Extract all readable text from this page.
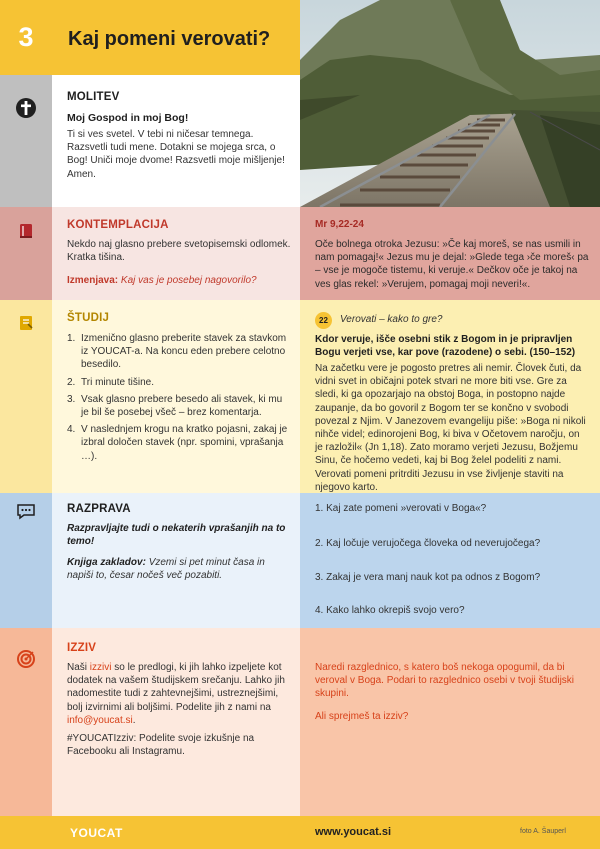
3	Kaj pomeni verovati?
MOLITEV
Moj Gospod in moj Bog!
Ti si ves svetel. V tebi ni ničesar temnega. Razsvetli tudi mene. Dotakni se mojega srca, o Bog! Uniči moje dvome! Razsvetli moje mišljenje! Amen.
KONTEMPLACIJA
Nekdo naj glasno prebere svetopisemski odlomek. Kratka tišina.
Izmenjava: Kaj vas je posebej nagovorilo?
Mr 9,22-24
Oče bolnega otroka Jezusu: »Če kaj moreš, se nas usmili in nam pomagaj!« Jezus mu je dejal: »Glede tega ›če moreš‹ pa – vse je mogoče tistemu, ki veruje.« Dečkov oče je takoj na ves glas rekel: »Verujem, pomagaj moji neveri!«.
ŠTUDIJ
1. Izmenično glasno preberite stavek za stavkom iz YOUCAT-a. Na koncu eden prebere celotno besedilo.
2. Tri minute tišine.
3. Vsak glasno prebere besedo ali stavek, ki mu je bil še posebej všeč – brez komentarja.
4. V naslednjem krogu na kratko pojasni, zakaj je izbral določen stavek (npr. spomini, vprašanja …).
22	Verovati – kako to gre?
Kdor veruje, išče osebni stik z Bogom in je pripravljen Bogu verjeti vse, kar pove (razodene) o sebi. (150–152)
Na začetku vere je pogosto pretres ali nemir. Človek čuti, da vidni svet in običajni potek stvari ne more biti vse. Gre za sledi, ki ga opozarjajo na obstoj Boga, in postopno najde zaupanje, da bo govoril z Bogom ter se končno v svobodi povezal z Njim. V Janezovem evangeliju piše: »Boga ni nikoli nihče videl; edinorojeni Bog, ki biva v Očetovem naročju, on je razložil« (Jn 1,18). Zato moramo verjeti Jezusu, Božjemu Sinu, če hočemo vedeti, kaj bi Bog želel podeliti z nami. Verovati pomeni pritrditi Jezusu in vse življenje staviti na njegovo karto.
RAZPRAVA
Razpravljajte tudi o nekaterih vprašanjih na to temo!
Knjiga zakladov: Vzemi si pet minut časa in napiši to, česar nočeš več pozabiti.
1. Kaj zate pomeni »verovati v Boga«?
2. Kaj ločuje verujočega človeka od neverujočega?
3. Zakaj je vera manj nauk kot pa odnos z Bogom?
4. Kako lahko okrepiš svojo vero?
IZZIV
Naši izzivi so le predlogi, ki jih lahko izpeljete kot dodatek na vašem študijskem srečanju. Lahko jih nadomestite tudi z zahtevnejšimi, ustreznejšimi, bolj izvirnimi ali boljšimi. Podelite jih z nami na info@youcat.si.
#YOUCATIzziv: Podelite svoje izkušnje na Facebooku ali Instagramu.
Naredi razglednico, s katero boš nekoga opogumil, da bi veroval v Boga. Podari to razglednico osebi v tvoji študijski skupini.
Ali sprejmeš ta izziv?
YOUCAT	www.youcat.si	foto A. Šauperl
